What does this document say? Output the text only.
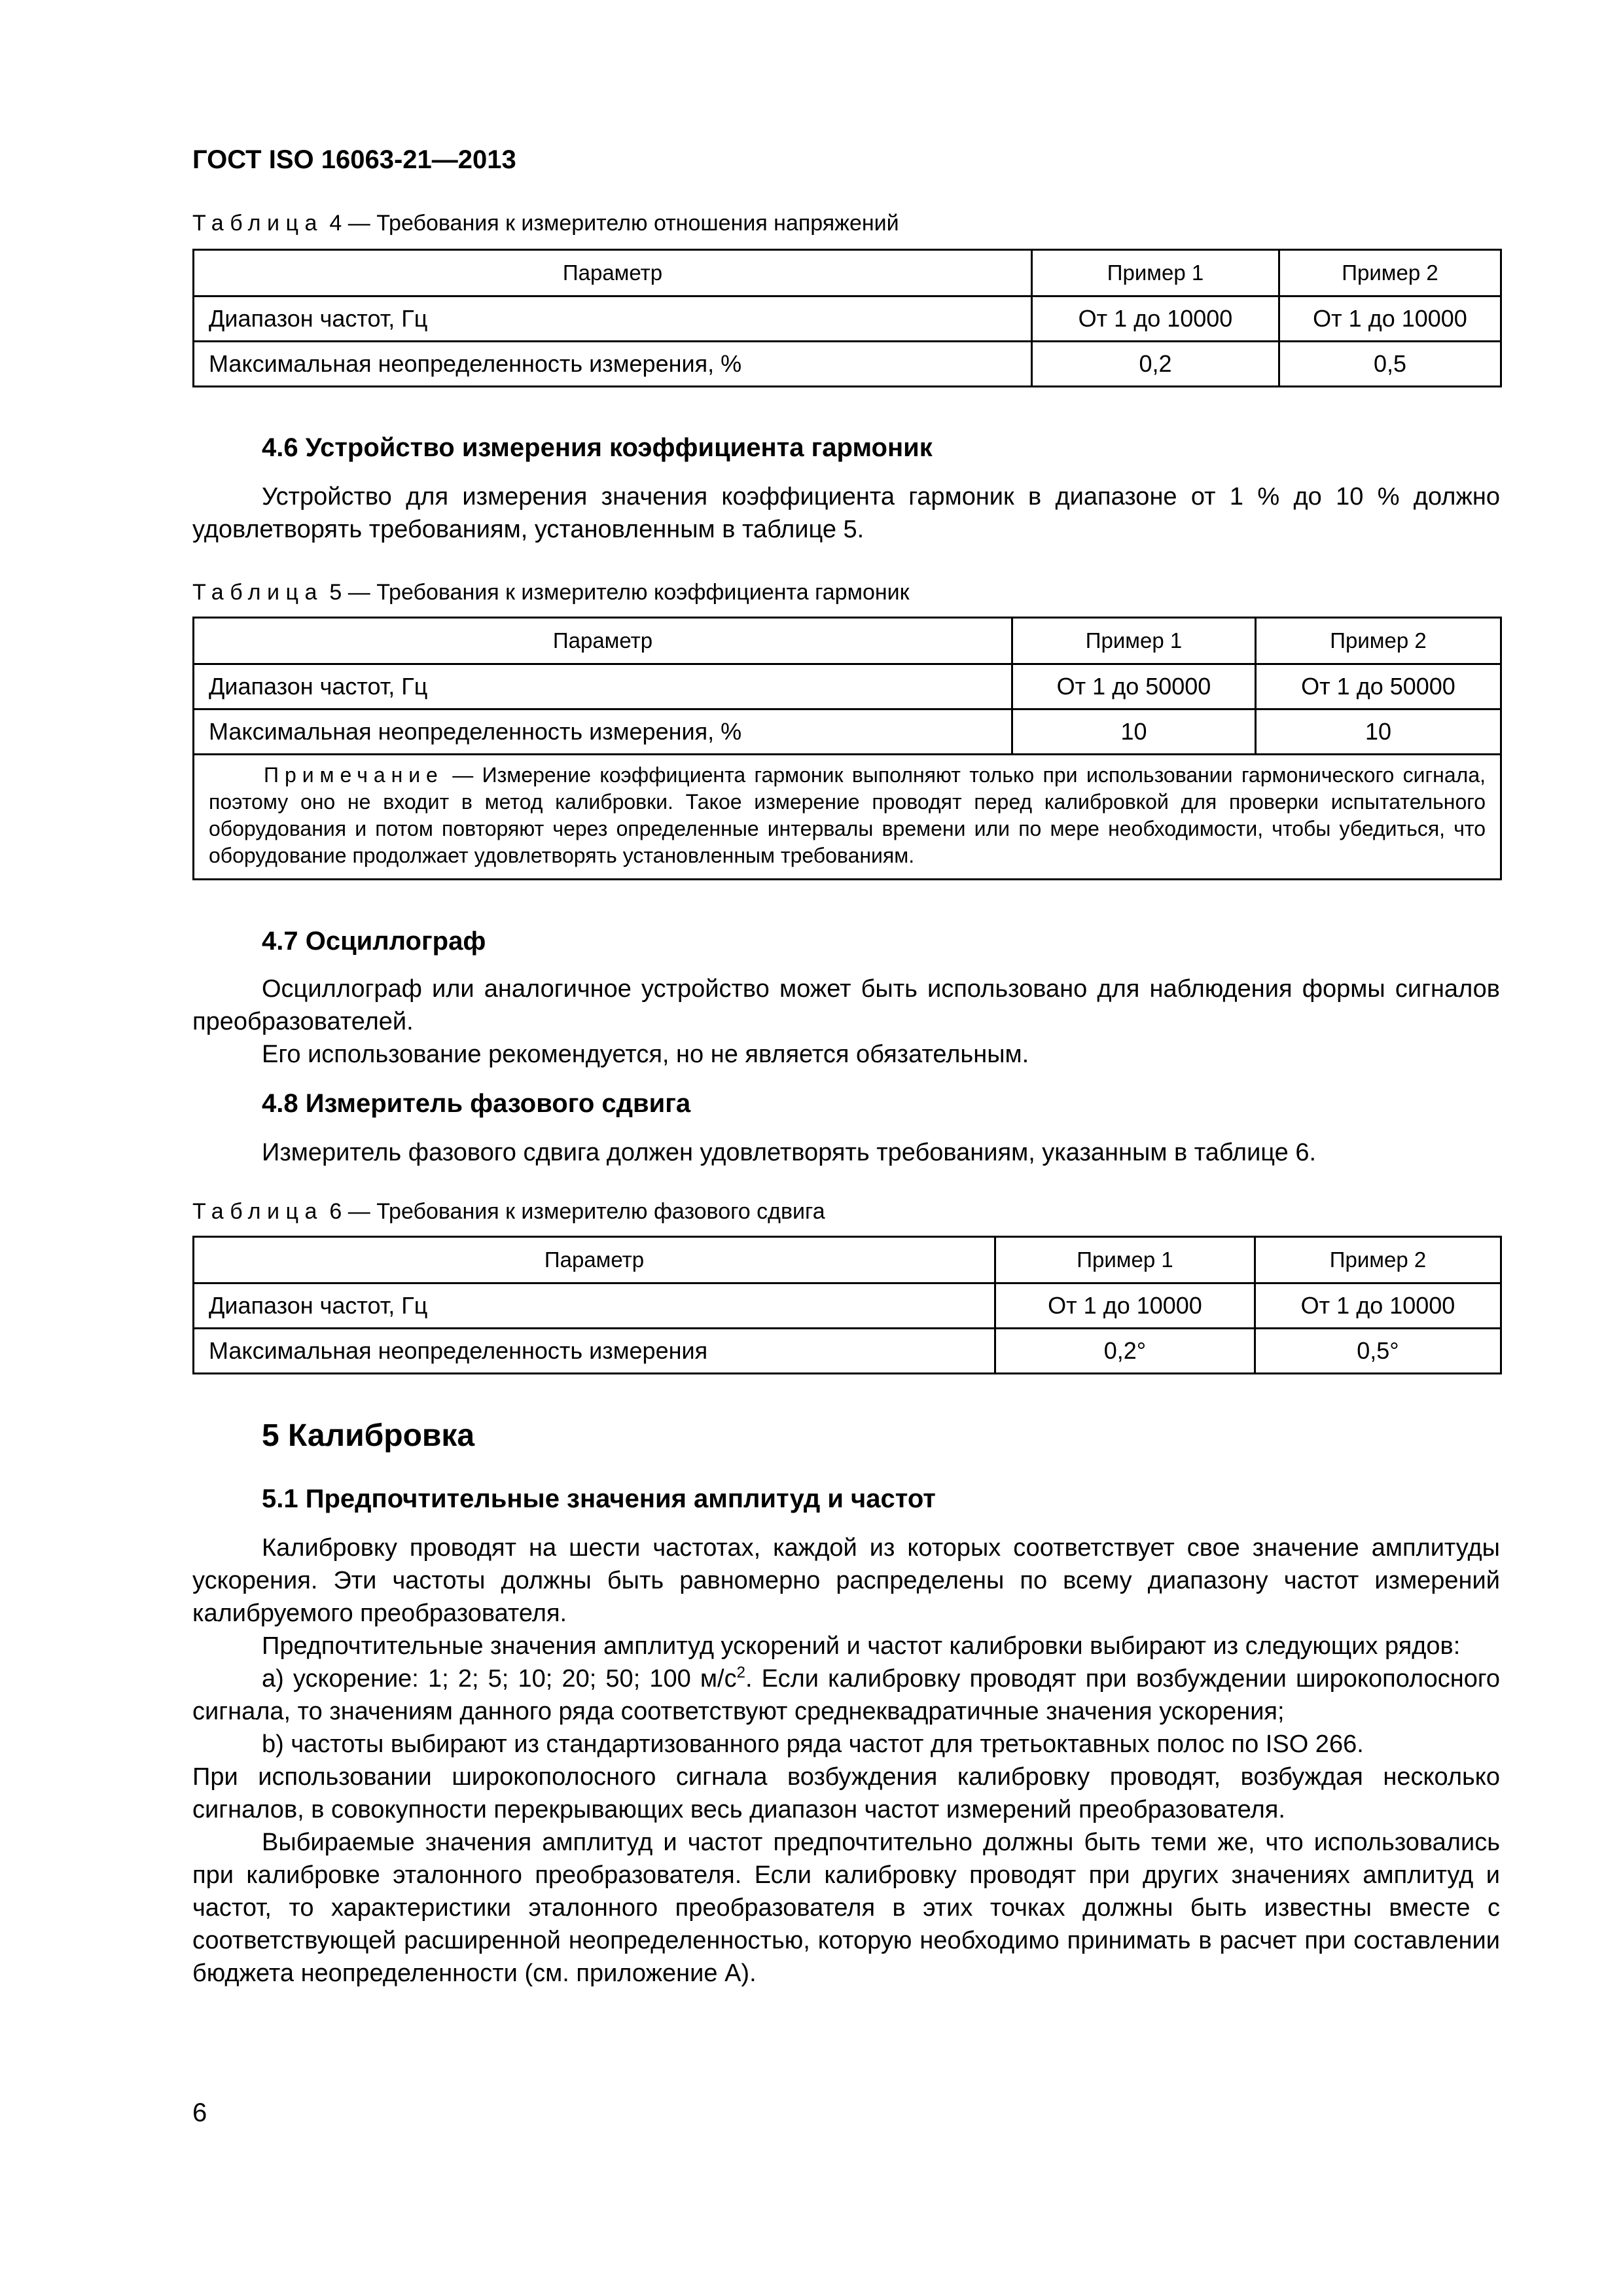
ГОСТ ISO 16063-21—2013
Таблица 4 — Требования к измерителю отношения напряжений
Параметр	Пример 1	Пример 2
Диапазон частот, Гц	От 1 до 10000	От 1 до 10000
Максимальная неопределенность измерения, %	0,2	0,5
4.6 Устройство измерения коэффициента гармоник

Устройство для измерения значения коэффициента гармоник в диапазоне от 1 % до 10 % должно удовлетворять требованиям, установленным в таблице 5.

Таблица 5 — Требования к измерителю коэффициента гармоник
Параметр	Пример 1	Пример 2
Диапазон частот, Гц	От 1 до 50000	От 1 до 50000
Максимальная неопределенность измерения, %	10	10
Примечание — Измерение коэффициента гармоник выполняют только при использовании гармонического сигнала, поэтому оно не входит в метод калибровки. Такое измерение проводят перед калибровкой для проверки испытательного оборудования и потом повторяют через определенные интервалы времени или по мере необходимости, чтобы убедиться, что оборудование продолжает удовлетворять установленным требованиям.		
4.7 Осциллограф

Осциллограф или аналогичное устройство может быть использовано для наблюдения формы сигналов преобразователей.

Его использование рекомендуется, но не является обязательным.

4.8 Измеритель фазового сдвига

Измеритель фазового сдвига должен удовлетворять требованиям, указанным в таблице 6.

Таблица 6 — Требования к измерителю фазового сдвига
Параметр	Пример 1	Пример 2
Диапазон частот, Гц	От 1 до 10000	От 1 до 10000
Максимальная неопределенность измерения	0,2°	0,5°
5 Калибровка
5.1 Предпочтительные значения амплитуд и частот

Калибровку проводят на шести частотах, каждой из которых соответствует свое значение амплитуды ускорения. Эти частоты должны быть равномерно распределены по всему диапазону частот измерений калибруемого преобразователя.

Предпочтительные значения амплитуд ускорений и частот калибровки выбирают из следующих рядов:

a) ускорение: 1; 2; 5; 10; 20; 50; 100 $м/с^2$. Если калибровку проводят при возбуждении широкополосного сигнала, то значениям данного ряда соответствуют среднеквадратичные значения ускорения;

b) частоты выбирают из стандартизованного ряда частот для третьоктавных полос по ISO 266.

При использовании широкополосного сигнала возбуждения калибровку проводят, возбуждая несколько сигналов, в совокупности перекрывающих весь диапазон частот измерений преобразователя.

Выбираемые значения амплитуд и частот предпочтительно должны быть теми же, что использовались при калибровке эталонного преобразователя. Если калибровку проводят при других значениях амплитуд и частот, то характеристики эталонного преобразователя в этих точках должны быть известны вместе с соответствующей расширенной неопределенностью, которую необходимо принимать в расчет при составлении бюджета неопределенности (см. приложение А).

6
